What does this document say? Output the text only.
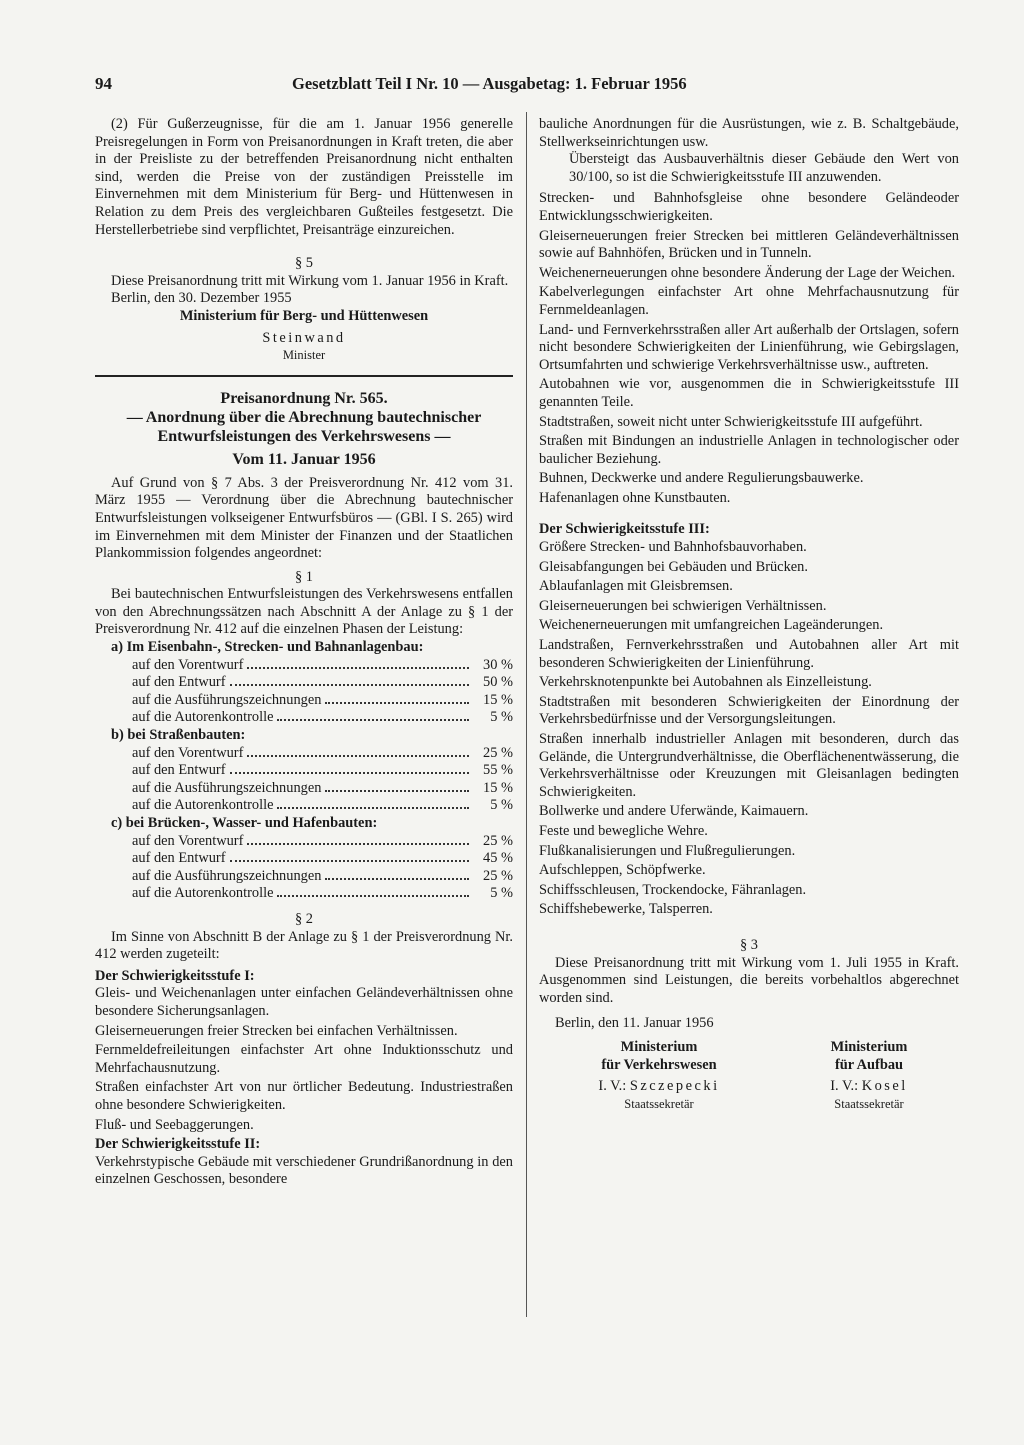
94	Gesetzblatt Teil I Nr. 10 — Ausgabetag: 1. Februar 1956

(2) Für Gußerzeugnisse, für die am 1. Januar 1956 generelle Preisregelungen in Form von Preisanordnungen in Kraft treten, die aber in der Preisliste zu der betreffenden Preisanordnung nicht enthalten sind, werden die Preise von der zuständigen Preisstelle im Einvernehmen mit dem Ministerium für Berg- und Hüttenwesen in Relation zu dem Preis des vergleichbaren Gußteiles festgesetzt. Die Herstellerbetriebe sind verpflichtet, Preisanträge einzureichen.

§ 5

Diese Preisanordnung tritt mit Wirkung vom 1. Januar 1956 in Kraft.

Berlin, den 30. Dezember 1955

Ministerium für Berg- und Hüttenwesen

Steinwand

Minister

Preisanordnung Nr. 565.

— Anordnung über die Abrechnung bautechnischer Entwurfsleistungen des Verkehrswesens —

Vom 11. Januar 1956

Auf Grund von § 7 Abs. 3 der Preisverordnung Nr. 412 vom 31. März 1955 — Verordnung über die Abrechnung bautechnischer Entwurfsleistungen volkseigener Entwurfsbüros — (GBl. I S. 265) wird im Einvernehmen mit dem Minister der Finanzen und der Staatlichen Plankommission folgendes angeordnet:

§ 1

Bei bautechnischen Entwurfsleistungen des Verkehrswesens entfallen von den Abrechnungssätzen nach Abschnitt A der Anlage zu § 1 der Preisverordnung Nr. 412 auf die einzelnen Phasen der Leistung:

a) Im Eisenbahn-, Strecken- und Bahnanlagenbau:

auf den Vorentwurf	30 %
auf den Entwurf	50 %
auf die Ausführungszeichnungen	15 %
auf die Autorenkontrolle	5 %

b) bei Straßenbauten:

auf den Vorentwurf	25 %
auf den Entwurf	55 %
auf die Ausführungszeichnungen	15 %
auf die Autorenkontrolle	5 %

c) bei Brücken-, Wasser- und Hafenbauten:

auf den Vorentwurf	25 %
auf den Entwurf	45 %
auf die Ausführungszeichnungen	25 %
auf die Autorenkontrolle	5 %

§ 2

Im Sinne von Abschnitt B der Anlage zu § 1 der Preisverordnung Nr. 412 werden zugeteilt:

Der Schwierigkeitsstufe I:

Gleis- und Weichenanlagen unter einfachen Geländeverhältnissen ohne besondere Sicherungsanlagen.

Gleiserneuerungen freier Strecken bei einfachen Verhältnissen.

Fernmeldefreileitungen einfachster Art ohne Induktionsschutz und Mehrfachausnutzung.

Straßen einfachster Art von nur örtlicher Bedeutung. Industriestraßen ohne besondere Schwierigkeiten.

Fluß- und Seebaggerungen.

Der Schwierigkeitsstufe II:

Verkehrstypische Gebäude mit verschiedener Grundrißanordnung in den einzelnen Geschossen, besondere

bauliche Anordnungen für die Ausrüstungen, wie z. B. Schaltgebäude, Stellwerkseinrichtungen usw.

Übersteigt das Ausbauverhältnis dieser Gebäude den Wert von 30/100, so ist die Schwierigkeitsstufe III anzuwenden.

Strecken- und Bahnhofsgleise ohne besondere Geländeoder Entwicklungsschwierigkeiten.

Gleiserneuerungen freier Strecken bei mittleren Geländeverhältnissen sowie auf Bahnhöfen, Brücken und in Tunneln.

Weichenerneuerungen ohne besondere Änderung der Lage der Weichen.

Kabelverlegungen einfachster Art ohne Mehrfachausnutzung für Fernmeldeanlagen.

Land- und Fernverkehrsstraßen aller Art außerhalb der Ortslagen, sofern nicht besondere Schwierigkeiten der Linienführung, wie Gebirgslagen, Ortsumfahrten und schwierige Verkehrsverhältnisse usw., auftreten.

Autobahnen wie vor, ausgenommen die in Schwierigkeitsstufe III genannten Teile.

Stadtstraßen, soweit nicht unter Schwierigkeitsstufe III aufgeführt.

Straßen mit Bindungen an industrielle Anlagen in technologischer oder baulicher Beziehung.

Buhnen, Deckwerke und andere Regulierungsbauwerke.

Hafenanlagen ohne Kunstbauten.

Der Schwierigkeitsstufe III:

Größere Strecken- und Bahnhofsbauvorhaben.

Gleisabfangungen bei Gebäuden und Brücken.

Ablaufanlagen mit Gleisbremsen.

Gleiserneuerungen bei schwierigen Verhältnissen.

Weichenerneuerungen mit umfangreichen Lageänderungen.

Landstraßen, Fernverkehrsstraßen und Autobahnen aller Art mit besonderen Schwierigkeiten der Linienführung.

Verkehrsknotenpunkte bei Autobahnen als Einzelleistung.

Stadtstraßen mit besonderen Schwierigkeiten der Einordnung der Verkehrsbedürfnisse und der Versorgungsleitungen.

Straßen innerhalb industrieller Anlagen mit besonderen, durch das Gelände, die Untergrundverhältnisse, die Oberflächenentwässerung, die Verkehrsverhältnisse oder Kreuzungen mit Gleisanlagen bedingten Schwierigkeiten.

Bollwerke und andere Uferwände, Kaimauern.

Feste und bewegliche Wehre.

Flußkanalisierungen und Flußregulierungen.

Aufschleppen, Schöpfwerke.

Schiffsschleusen, Trockendocke, Fähranlagen.

Schiffshebewerke, Talsperren.

§ 3

Diese Preisanordnung tritt mit Wirkung vom 1. Juli 1955 in Kraft. Ausgenommen sind Leistungen, die bereits vorbehaltlos abgerechnet worden sind.

Berlin, den 11. Januar 1956

Ministerium

für Verkehrswesen

I. V.: Szczepecki

Staatssekretär

Ministerium

für Aufbau

I. V.: Kosel

Staatssekretär
